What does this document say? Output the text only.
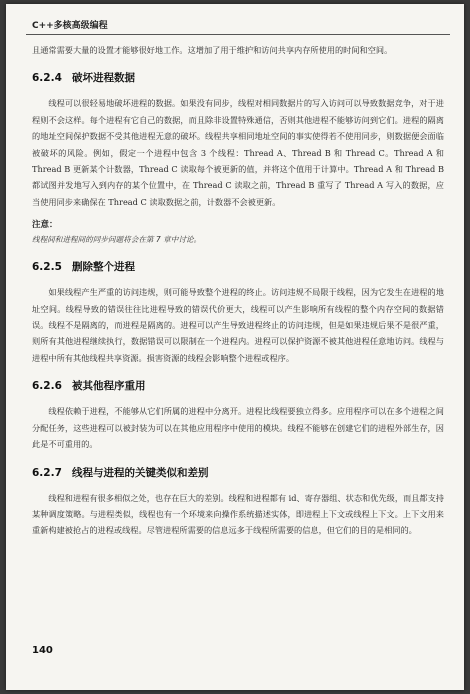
C++多核高级编程

且通常需要大量的设置才能够很好地工作。这增加了用于维护和访问共享内存所使用的时间和空间。

6.2.4 破坏进程数据

线程可以很轻易地破坏进程的数据。如果没有同步，线程对相同数据片的写入访问可以导致数据竞争，对于进程则不会这样。每个进程有它自己的数据，而且除非设置特殊通信，否则其他进程不能够访问到它们。进程的隔离的地址空间保护数据不受其他进程无意的破坏。线程共享相同地址空间的事实使得若不使用同步，则数据便会面临被破坏的风险。例如，假定一个进程中包含 3 个线程：Thread A、Thread B 和 Thread C。Thread A 和 Thread B 更新某个计数器，Thread C 读取每个被更新的值，并将这个值用于计算中。Thread A 和 Thread B 都试图并发地写入到内存的某个位置中，在 Thread C 读取之前，Thread B 重写了 Thread A 写入的数据，应当使用同步来确保在 Thread C 读取数据之前，计数器不会被更新。

注意：
线程间和进程间的同步问题将会在第 7 章中讨论。
6.2.5 删除整个进程

如果线程产生严重的访问违规，则可能导致整个进程的终止。访问违规不局限于线程，因为它发生在进程的地址空间。线程导致的错误往往比进程导致的错误代价更大，线程可以产生影响所有线程的整个内存空间的数据错误。线程不是隔离的，而进程是隔离的。进程可以产生导致进程终止的访问违规，但是如果违规后果不是很严重，则所有其他进程继续执行，数据错误可以限制在一个进程内。进程可以保护资源不被其他进程任意地访问。线程与进程中所有其他线程共享资源。损害资源的线程会影响整个进程或程序。

6.2.6 被其他程序重用

线程依赖于进程，不能够从它们所属的进程中分离开。进程比线程要独立得多。应用程序可以在多个进程之间分配任务，这些进程可以被封装为可以在其他应用程序中使用的模块。线程不能够在创建它们的进程外部生存，因此是不可重用的。

6.2.7 线程与进程的关键类似和差别

线程和进程有很多相似之处，也存在巨大的差别。线程和进程都有 id、寄存器组、状态和优先级，而且都支持某种调度策略。与进程类似，线程也有一个环境来向操作系统描述实体，即进程上下文或线程上下文。上下文用来重新构建被抢占的进程或线程。尽管进程所需要的信息远多于线程所需要的信息，但它们的目的是相同的。

140
